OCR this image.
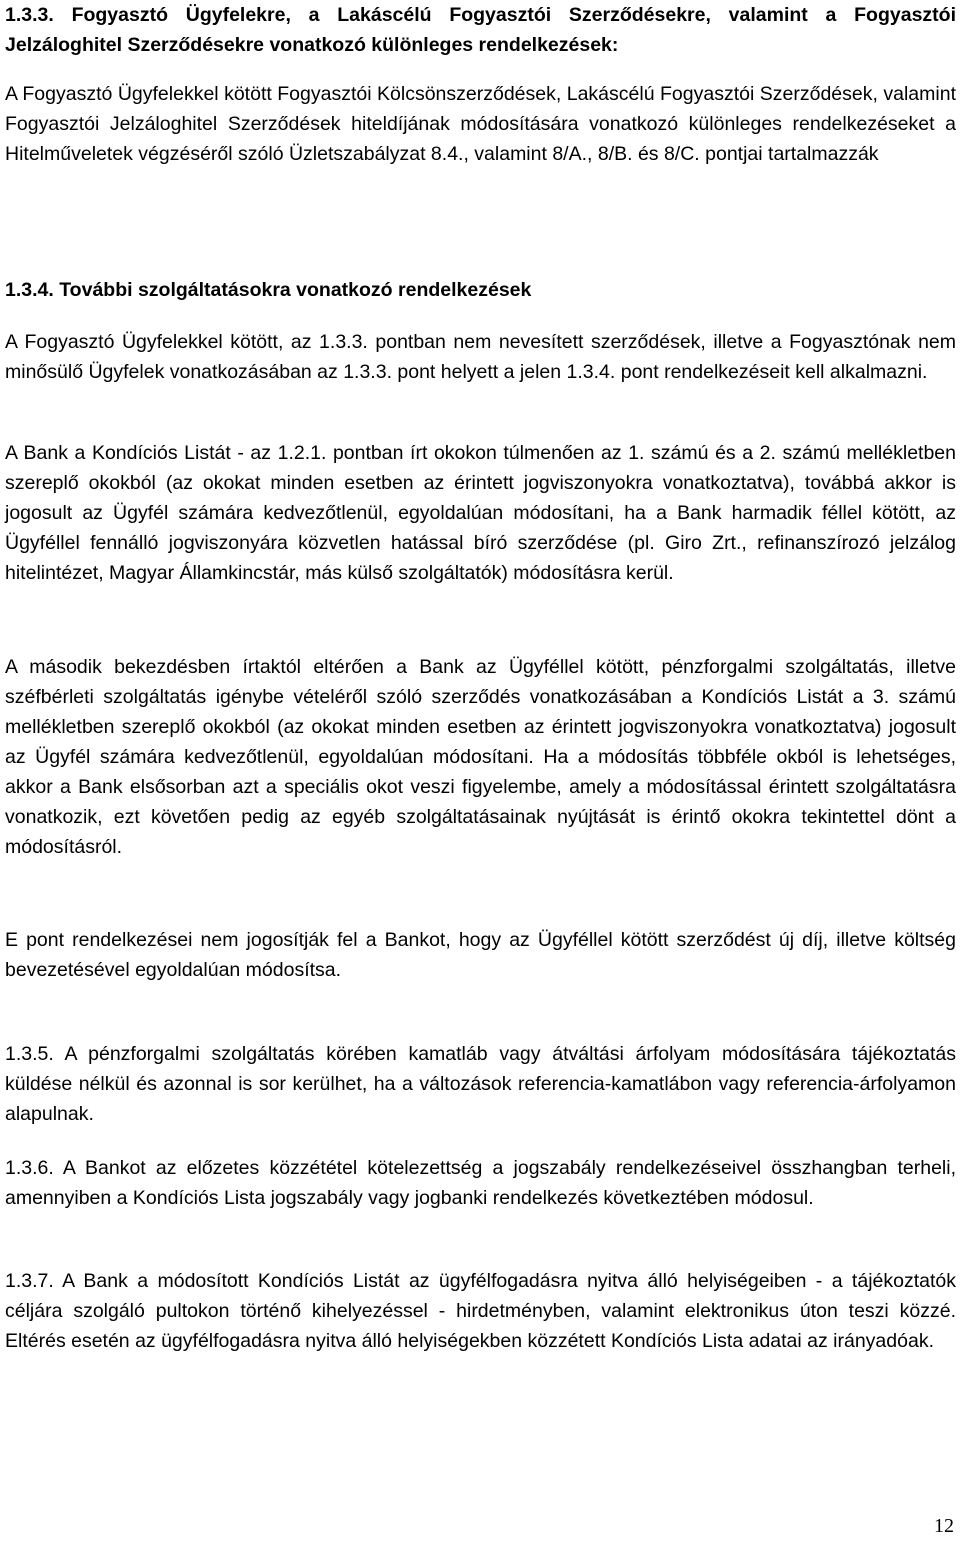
1.3.3. Fogyasztó Ügyfelekre, a Lakáscélú Fogyasztói Szerződésekre, valamint a Fogyasztói Jelzáloghitel Szerződésekre vonatkozó különleges rendelkezések:

A Fogyasztó Ügyfelekkel kötött Fogyasztói Kölcsönszerződések, Lakáscélú Fogyasztói Szerződések, valamint Fogyasztói Jelzáloghitel Szerződések hiteldíjának módosítására vonatkozó különleges rendelkezéseket a Hitelműveletek végzéséről szóló Üzletszabályzat 8.4., valamint 8/A., 8/B. és 8/C. pontjai tartalmazzák

1.3.4. További szolgáltatásokra vonatkozó rendelkezések

A Fogyasztó Ügyfelekkel kötött, az 1.3.3. pontban nem nevesített szerződések, illetve a Fogyasztónak nem minősülő Ügyfelek vonatkozásában az 1.3.3. pont helyett a jelen 1.3.4. pont rendelkezéseit kell alkalmazni.

A Bank a Kondíciós Listát - az 1.2.1. pontban írt okokon túlmenően az 1. számú és a 2. számú mellékletben szereplő okokból (az okokat minden esetben az érintett jogviszonyokra vonatkoztatva), továbbá akkor is jogosult az Ügyfél számára kedvezőtlenül, egyoldalúan módosítani, ha a Bank harmadik féllel kötött, az Ügyféllel fennálló jogviszonyára közvetlen hatással bíró szerződése (pl. Giro Zrt., refinanszírozó jelzálog hitelintézet, Magyar Államkincstár, más külső szolgáltatók) módosításra kerül.

A második bekezdésben írtaktól eltérően a Bank az Ügyféllel kötött, pénzforgalmi szolgáltatás, illetve széfbérleti szolgáltatás igénybe vételéről szóló szerződés vonatkozásában a Kondíciós Listát a 3. számú mellékletben szereplő okokból (az okokat minden esetben az érintett jogviszonyokra vonatkoztatva) jogosult az Ügyfél számára kedvezőtlenül, egyoldalúan módosítani. Ha a módosítás többféle okból is lehetséges, akkor a Bank elsősorban azt a speciális okot veszi figyelembe, amely a módosítással érintett szolgáltatásra vonatkozik, ezt követően pedig az egyéb szolgáltatásainak nyújtását is érintő okokra tekintettel dönt a módosításról.

E pont rendelkezései nem jogosítják fel a Bankot, hogy az Ügyféllel kötött szerződést új díj, illetve költség bevezetésével egyoldalúan módosítsa.

1.3.5. A pénzforgalmi szolgáltatás körében kamatláb vagy átváltási árfolyam módosítására tájékoztatás küldése nélkül és azonnal is sor kerülhet, ha a változások referencia-kamatlábon vagy referencia-árfolyamon alapulnak.

1.3.6. A Bankot az előzetes közzététel kötelezettség a jogszabály rendelkezéseivel összhangban terheli, amennyiben a Kondíciós Lista jogszabály vagy jogbanki rendelkezés következtében módosul.

1.3.7. A Bank a módosított Kondíciós Listát az ügyfélfogadásra nyitva álló helyiségeiben - a tájékoztatók céljára szolgáló pultokon történő kihelyezéssel - hirdetményben, valamint elektronikus úton teszi közzé. Eltérés esetén az ügyfélfogadásra nyitva álló helyiségekben közzétett Kondíciós Lista adatai az irányadóak.

12
